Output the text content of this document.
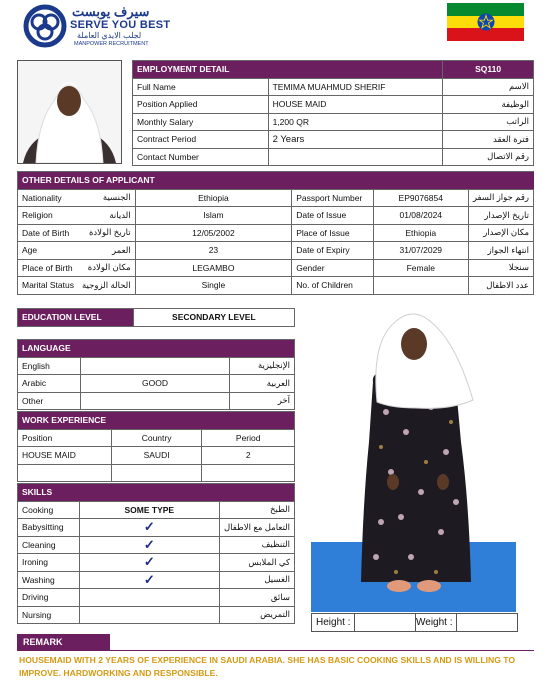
سيرف يوبست
SERVE YOU BEST
لجلب الايدي العاملة
MANPOWER RECRUITMENT
EMPLOYMENT DETAIL		SQ110
Full Name	TEMIMA MUAHMUD SHERIF	الاسم
Position Applied	HOUSE MAID	الوظيفة
Monthly Salary	1,200 QR	الراتب
Contract Period	2 Years	فترة العقد
Contact Number		رقم الاتصال
OTHER DETAILS OF APPLICANT					
Nationality	الجنسية	Ethiopia	Passport Number	EP9076854	رقم جواز السفر
Religion	الديانة	Islam	Date of Issue	01/08/2024	تاريخ الإصدار
Date of Birth	تاريخ الولادة	12/05/2002	Place of Issue	Ethiopia	مكان الإصدار
Age	العمر	23	Date of Expiry	31/07/2029	انتهاء الجواز
Place of Birth	مكان الولادة	LEGAMBO	Gender	Female	سنجلا
Marital Status	الحالة الزوجية	Single	No. of Children		عدد الاطفال
EDUCATION LEVEL	SECONDARY LEVEL
LANGUAGE		
English		الإنجليزية
Arabic	GOOD	العربية
Other		آخر
WORK EXPERIENCE		
Position	Country	Period
HOUSE MAID	SAUDI	2

SKILLS		
Cooking	SOME TYPE	الطبخ
Babysitting	✓	التعامل مع الاطفال
Cleaning	✓	التنظيف
Ironing	✓	كي الملابس
Washing	✓	الغسيل
Driving		سائق
Nursing		التمريض
Height :	Weight :
REMARK
HOUSEMAID WITH 2 YEARS OF EXPERIENCE IN SAUDI ARABIA. SHE HAS BASIC COOKING SKILLS AND IS WILLING TO IMPROVE. HARDWORKING AND RESPONSIBLE.
